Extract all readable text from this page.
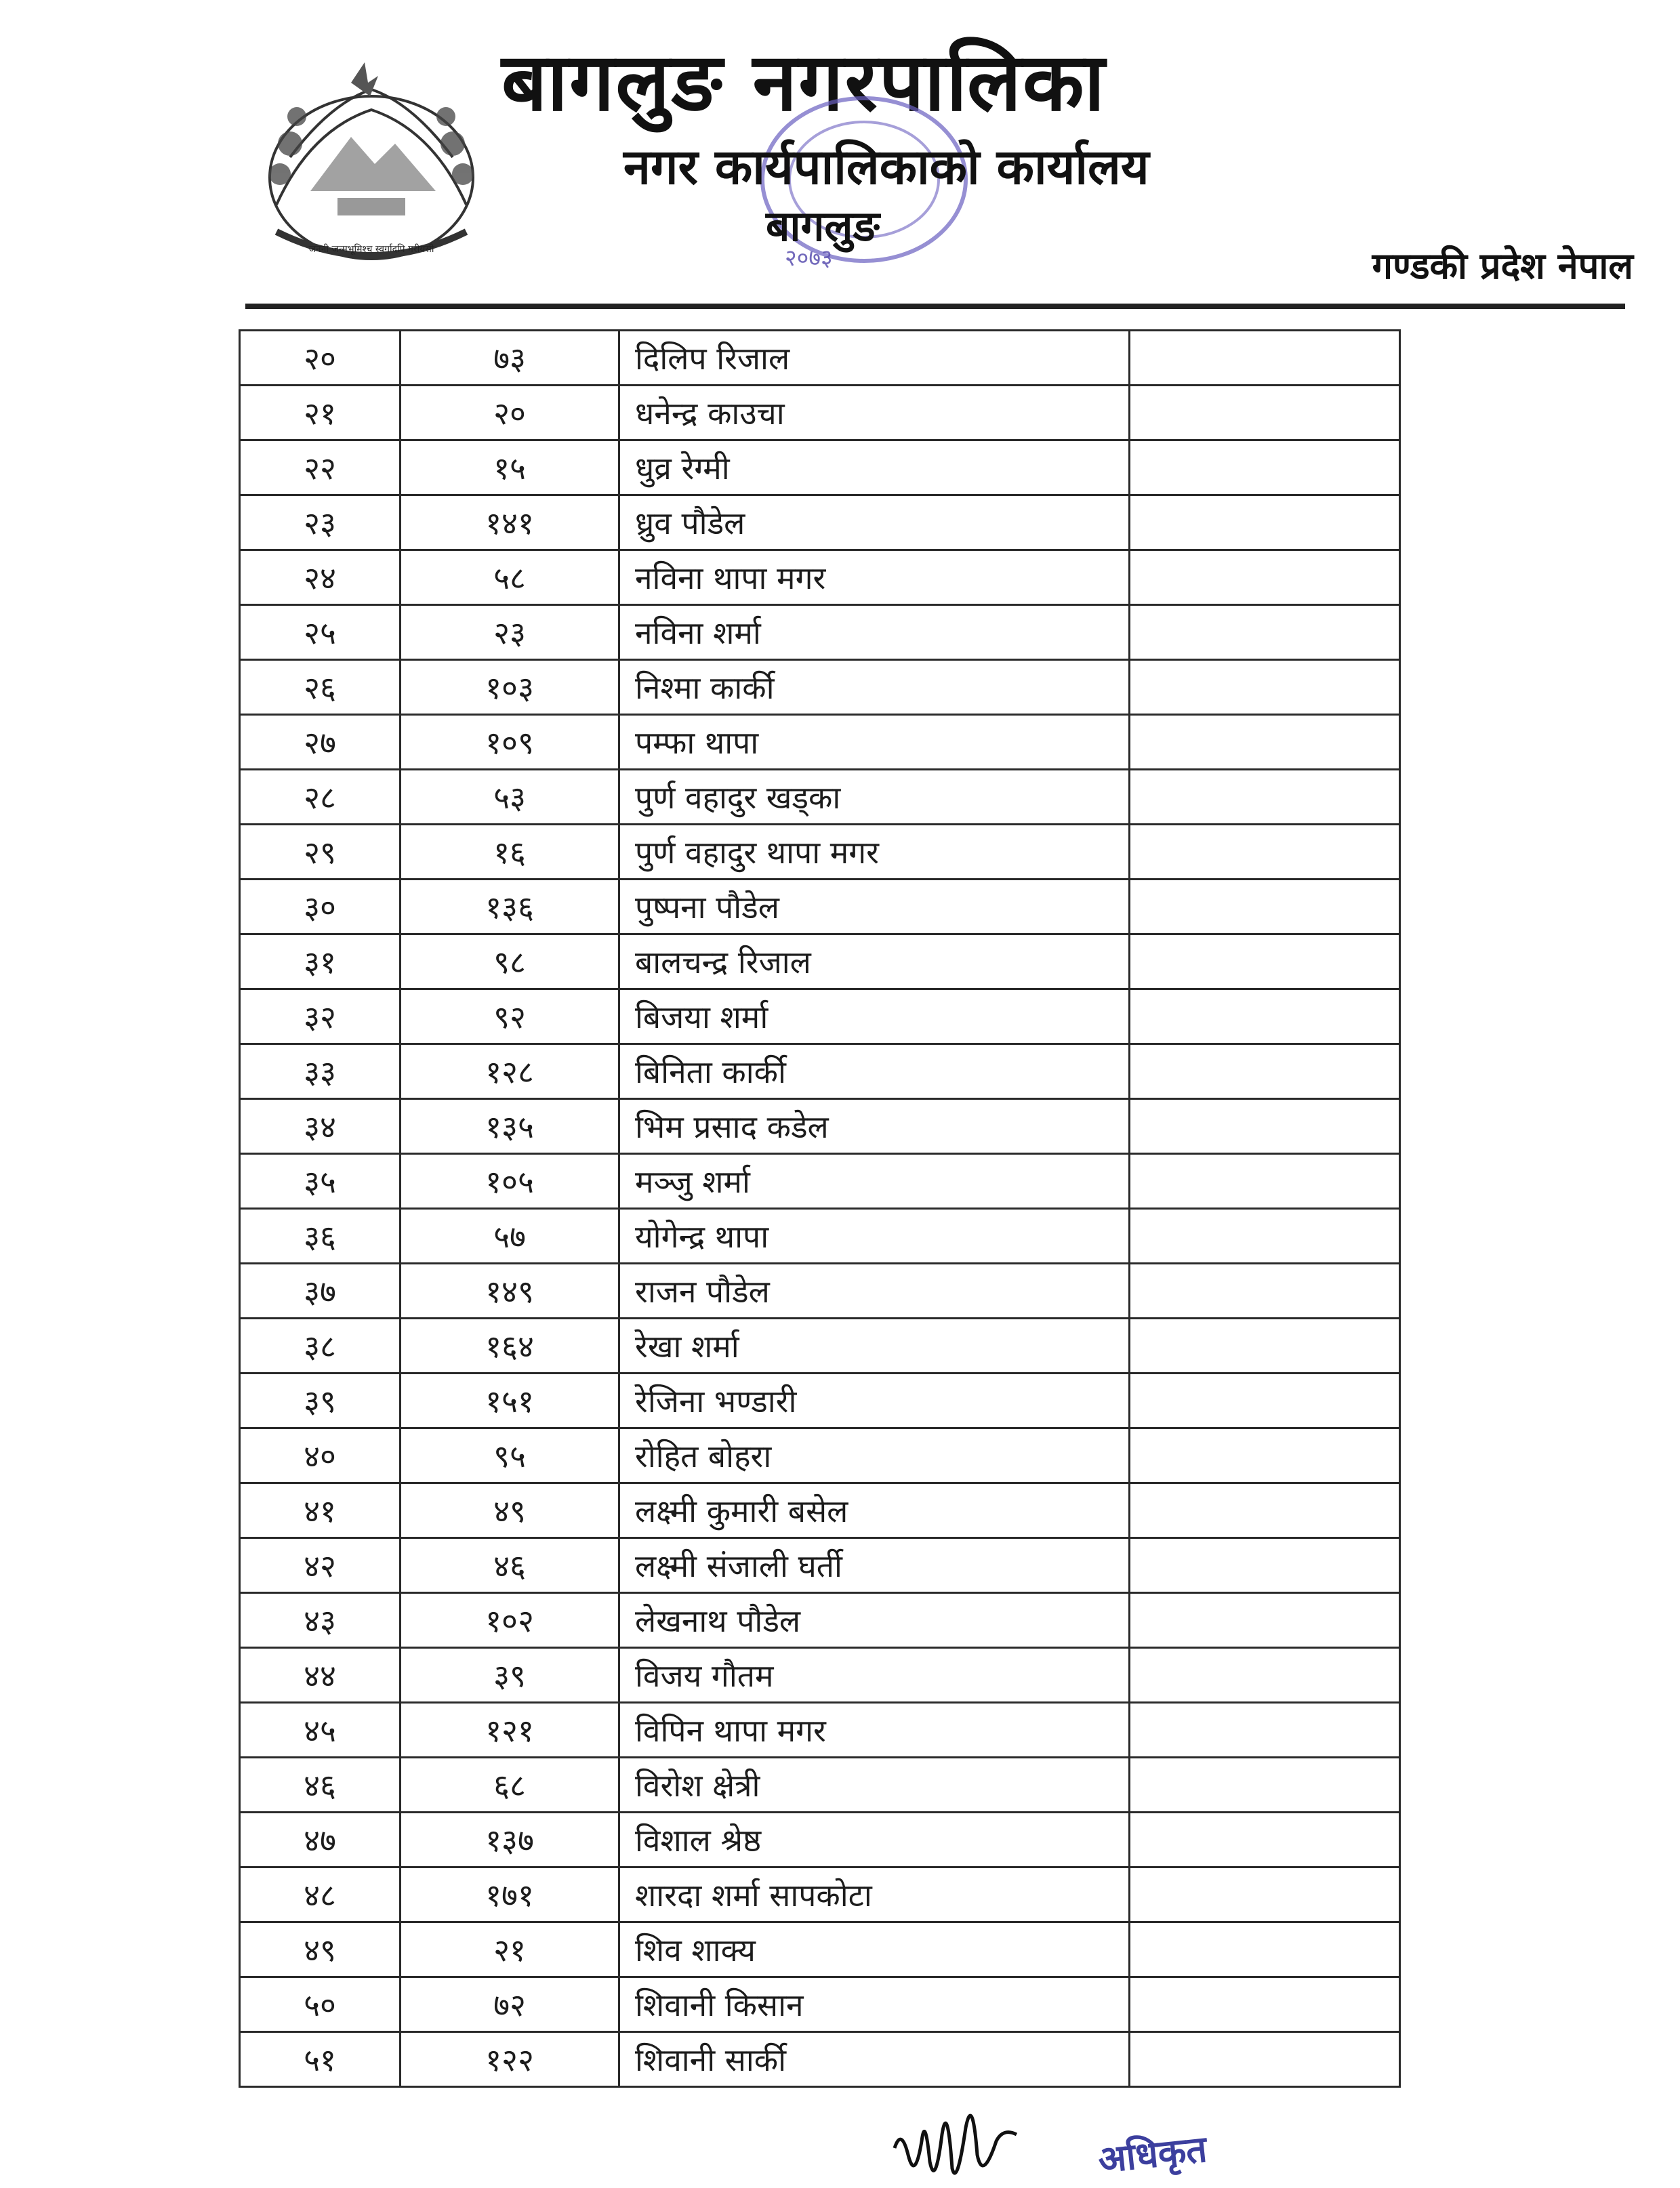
जननी जन्मभूमिश्च स्वर्गादपि गरीयसी
बागलुङ नगरपालिका
२०७३
नगर कार्यपालिकाको कार्यालय
बागलुङ
गण्डकी प्रदेश नेपाल
२०	७३	दिलिप रिजाल	
२१	२०	धनेन्द्र काउचा	
२२	१५	धुव्र रेग्मी	
२३	१४१	ध्रुव पौडेल	
२४	५८	नविना थापा मगर	
२५	२३	नविना शर्मा	
२६	१०३	निश्मा कार्की	
२७	१०९	पम्फा थापा	
२८	५३	पुर्ण वहादुर खड्का	
२९	१६	पुर्ण वहादुर थापा मगर	
३०	१३६	पुष्पना पौडेल	
३१	९८	बालचन्द्र रिजाल	
३२	९२	बिजया शर्मा	
३३	१२८	बिनिता कार्की	
३४	१३५	भिम प्रसाद कडेल	
३५	१०५	मञ्जु शर्मा	
३६	५७	योगेन्द्र थापा	
३७	१४९	राजन पौडेल	
३८	१६४	रेखा शर्मा	
३९	१५१	रेजिना भण्डारी	
४०	९५	रोहित बोहरा	
४१	४९	लक्ष्मी कुमारी बसेल	
४२	४६	लक्ष्मी संजाली घर्ती	
४३	१०२	लेखनाथ पौडेल	
४४	३९	विजय गौतम	
४५	१२१	विपिन थापा मगर	
४६	६८	विरोश क्षेत्री	
४७	१३७	विशाल श्रेष्ठ	
४८	१७१	शारदा शर्मा सापकोटा	
४९	२१	शिव शाक्य	
५०	७२	शिवानी किसान	
५१	१२२	शिवानी सार्की	
अधिकृत
